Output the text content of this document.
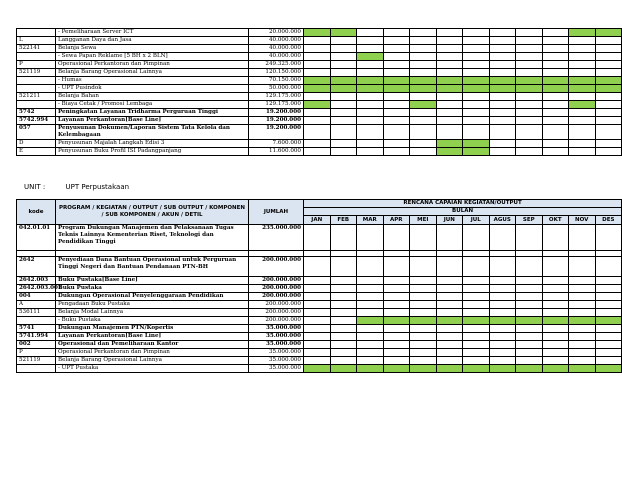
	- Pemeliharaan Server ICT	20.000.000												
L	Langganan Daya dan Jasa	40.000.000												
522141	Belanja Sewa	40.000.000												
	- Sewa Papan Reklame [5 BH x 2 BLN]	40.000.000												
P	Operasional Perkantoran dan Pimpinan	249.325.000												
521119	Belanja Barang Operasional Lainnya	120.150.000												
	- Humas	70.150.000												
	- UPT Pusindok	50.000.000												
521211	Belanja Bahan	129.175.000												
	- Biaya Cetak / Promosi Lembaga	129.175.000												
5742	Peningkatan Layanan Tridharma Perguruan Tinggi	19.200.000												
5742.994	Layanan Perkantoran[Base Line]	19.200.000												
057	Penyusunan Dokumen/Laporan Sistem Tata Kelola dan Kelembagaan	19.200.000												
D	Penyusunan Majalah Langkah Edisi 3	7.600.000												
E	Penyusunan Buku Profil ISI Padangpanjang	11.600.000												
UNIT :	UPT Perpustakaan
kode	PROGRAM / KEGIATAN / OUTPUT / SUB OUTPUT / KOMPONEN / SUB KOMPONEN / AKUN / DETIL	JUMLAH	RENCANA CAPAIAN KEGIATAN/OUTPUT											
			BULAN											
			JAN	FEB	MAR	APR	MEI	JUN	JUL	AGUS	SEP	OKT	NOV	DES
042.01.01	Program Dukungan Manajemen dan Pelaksanaan Tugas Teknis Lainnya Kementerian Riset, Teknologi dan Pendidikan Tinggi	235.000.000												

2642	Penyediaan Dana Bantuan Operasional untuk Perguruan Tinggi Negeri dan Bantuan Pendanaan PTN-BH	200.000.000												
2642.003	Buku Pustaka[Base Line]	200.000.000												
2642.003.001	Buku Pustaka	200.000.000												
004	Dukungan Operasional Penyelenggaraan Pendidikan	200.000.000												
A	Pengadaan Buku Pustaka	200.000.000												
536111	Belanja Modal Lainnya	200.000.000												
	- Buku Pustaka	200.000.000												
5741	Dukungan Manajemen PTN/Kopertis	35.000.000												
5741.994	Layanan Perkantoran[Base Line]	35.000.000												
002	Operasional dan Pemeliharaan Kantor	35.000.000												
P	Operasional Perkantoran dan Pimpinan	35.000.000												
521119	Belanja Barang Operasional Lainnya	35.000.000												
	- UPT Pustaka	35.000.000												
